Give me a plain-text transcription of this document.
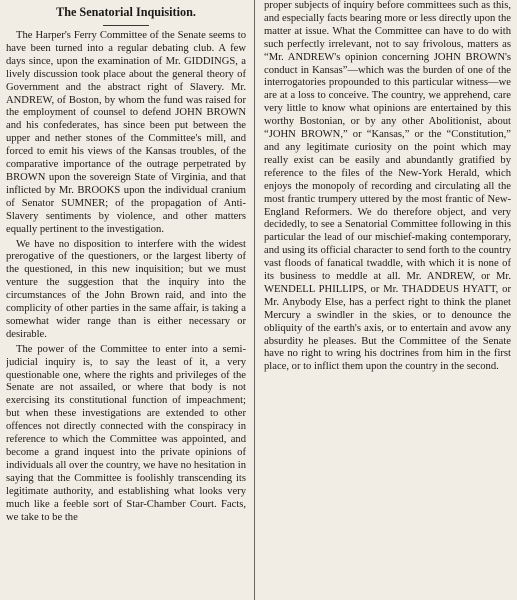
The Senatorial Inquisition.

The Harper's Ferry Committee of the Senate seems to have been turned into a regular debating club. A few days since, upon the examination of Mr. GIDDINGS, a lively discussion took place about the general theory of Government and the abstract right of Slavery. Mr. ANDREW, of Boston, by whom the fund was raised for the employment of counsel to defend JOHN BROWN and his confederates, has since been put between the upper and nether stones of the Committee's mill, and forced to emit his views of the Kansas troubles, of the comparative importance of the outrage perpetrated by BROWN upon the sovereign State of Virginia, and that inflicted by Mr. BROOKS upon the individual cranium of Senator SUMNER; of the propagation of Anti-Slavery sentiments by violence, and other matters equally pertinent to the investigation.

We have no disposition to interfere with the widest prerogative of the questioners, or the largest liberty of the questioned, in this new inquisition; but we must venture the suggestion that the inquiry into the circumstances of the John Brown raid, and into the complicity of other parties in the same affair, is taking a somewhat wider range than is either necessary or desirable.

The power of the Committee to enter into a semi-judicial inquiry is, to say the least of it, a very questionable one, where the rights and privileges of the Senate are not assailed, or where that body is not exercising its constitutional function of impeachment; but when these investigations are extended to other offences not directly connected with the conspiracy in reference to which the Committee was appointed, and become a grand inquest into the private opinions of individuals all over the country, we have no hesitation in saying that the Committee is foolishly transcending its legitimate authority, and establishing what looks very much like a feeble sort of Star-Chamber Court. Facts, we take to be the

proper subjects of inquiry before committees such as this, and especially facts bearing more or less directly upon the matter at issue. What the Committee can have to do with such perfectly irrelevant, not to say frivolous, matters as “Mr. ANDREW's opinion concerning JOHN BROWN's conduct in Kansas”—which was the burden of one of the interrogatories propounded to this particular witness—we are at a loss to conceive. The country, we apprehend, care very little to know what opinions are entertained by this worthy Bostonian, or by any other Abolitionist, about “JOHN BROWN,” or “Kansas,” or the “Constitution,” and any legitimate curiosity on the point which may really exist can be easily and abundantly gratified by reference to the files of the New-York Herald, which enjoys the monopoly of recording and circulating all the most frantic trumpery uttered by the most frantic of New-England Reformers. We do therefore object, and very decidedly, to see a Senatorial Committee following in this particular the lead of our mischief-making contemporary, and using its official character to send forth to the country vast floods of fanatical twaddle, with which it is none of its business to meddle at all. Mr. ANDREW, or Mr. WENDELL PHILLIPS, or Mr. THADDEUS HYATT, or Mr. Anybody Else, has a perfect right to think the planet Mercury a swindler in the skies, or to denounce the obliquity of the earth's axis, or to entertain and avow any absurdity he pleases. But the Committee of the Senate have no right to wring his doctrines from him in the first place, or to inflict them upon the country in the second.
